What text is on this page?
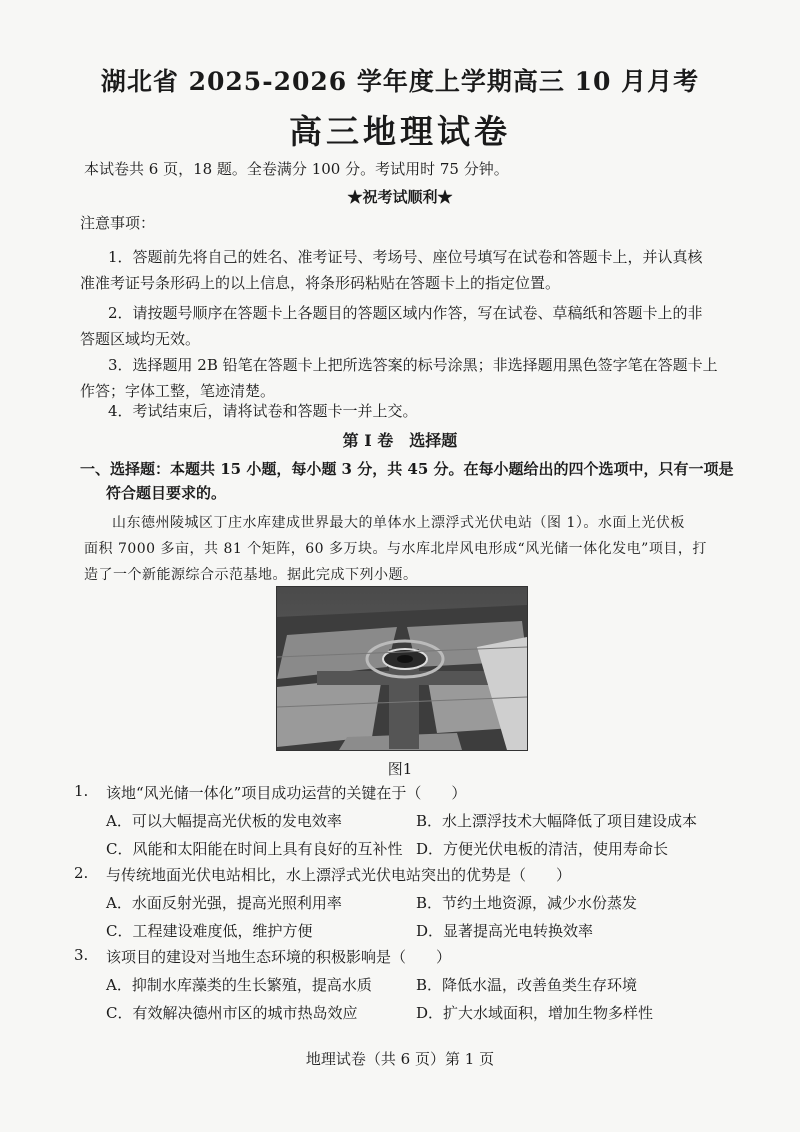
湖北省 2025-2026 学年度上学期高三 10 月月考
高三地理试卷
本试卷共 6 页，18 题。全卷满分 100 分。考试用时 75 分钟。
★祝考试顺利★
注意事项：
1．答题前先将自己的姓名、准考证号、考场号、座位号填写在试卷和答题卡上，并认真核
准准考证号条形码上的以上信息，将条形码粘贴在答题卡上的指定位置。
2．请按题号顺序在答题卡上各题目的答题区域内作答，写在试卷、草稿纸和答题卡上的非
答题区域均无效。
3．选择题用 2B 铅笔在答题卡上把所选答案的标号涂黑；非选择题用黑色签字笔在答题卡上
作答；字体工整，笔迹清楚。
4．考试结束后，请将试卷和答题卡一并上交。
第 I 卷　选择题
一、选择题：本题共 15 小题，每小题 3 分，共 45 分。在每小题给出的四个选项中，只有一项是
符合题目要求的。
山东德州陵城区丁庄水库建成世界最大的单体水上漂浮式光伏电站（图 1）。水面上光伏板
面积 7000 多亩，共 81 个矩阵，60 多万块。与水库北岸风电形成“风光储一体化发电”项目，打
造了一个新能源综合示范基地。据此完成下列小题。
图1
1. 该地“风光储一体化”项目成功运营的关键在于（　　）
A．可以大幅提高光伏板的发电效率	B．水上漂浮技术大幅降低了项目建设成本
C．风能和太阳能在时间上具有良好的互补性 D．方便光伏电板的清洁，使用寿命长
2. 与传统地面光伏电站相比，水上漂浮式光伏电站突出的优势是（　　）
A．水面反射光强，提高光照利用率	B．节约土地资源，减少水份蒸发
C．工程建设难度低，维护方便	D．显著提高光电转换效率
3. 该项目的建设对当地生态环境的积极影响是（　　）
A．抑制水库藻类的生长繁殖，提高水质	B．降低水温，改善鱼类生存环境
C．有效解决德州市区的城市热岛效应	D．扩大水域面积，增加生物多样性
地理试卷（共 6 页）第 1 页
